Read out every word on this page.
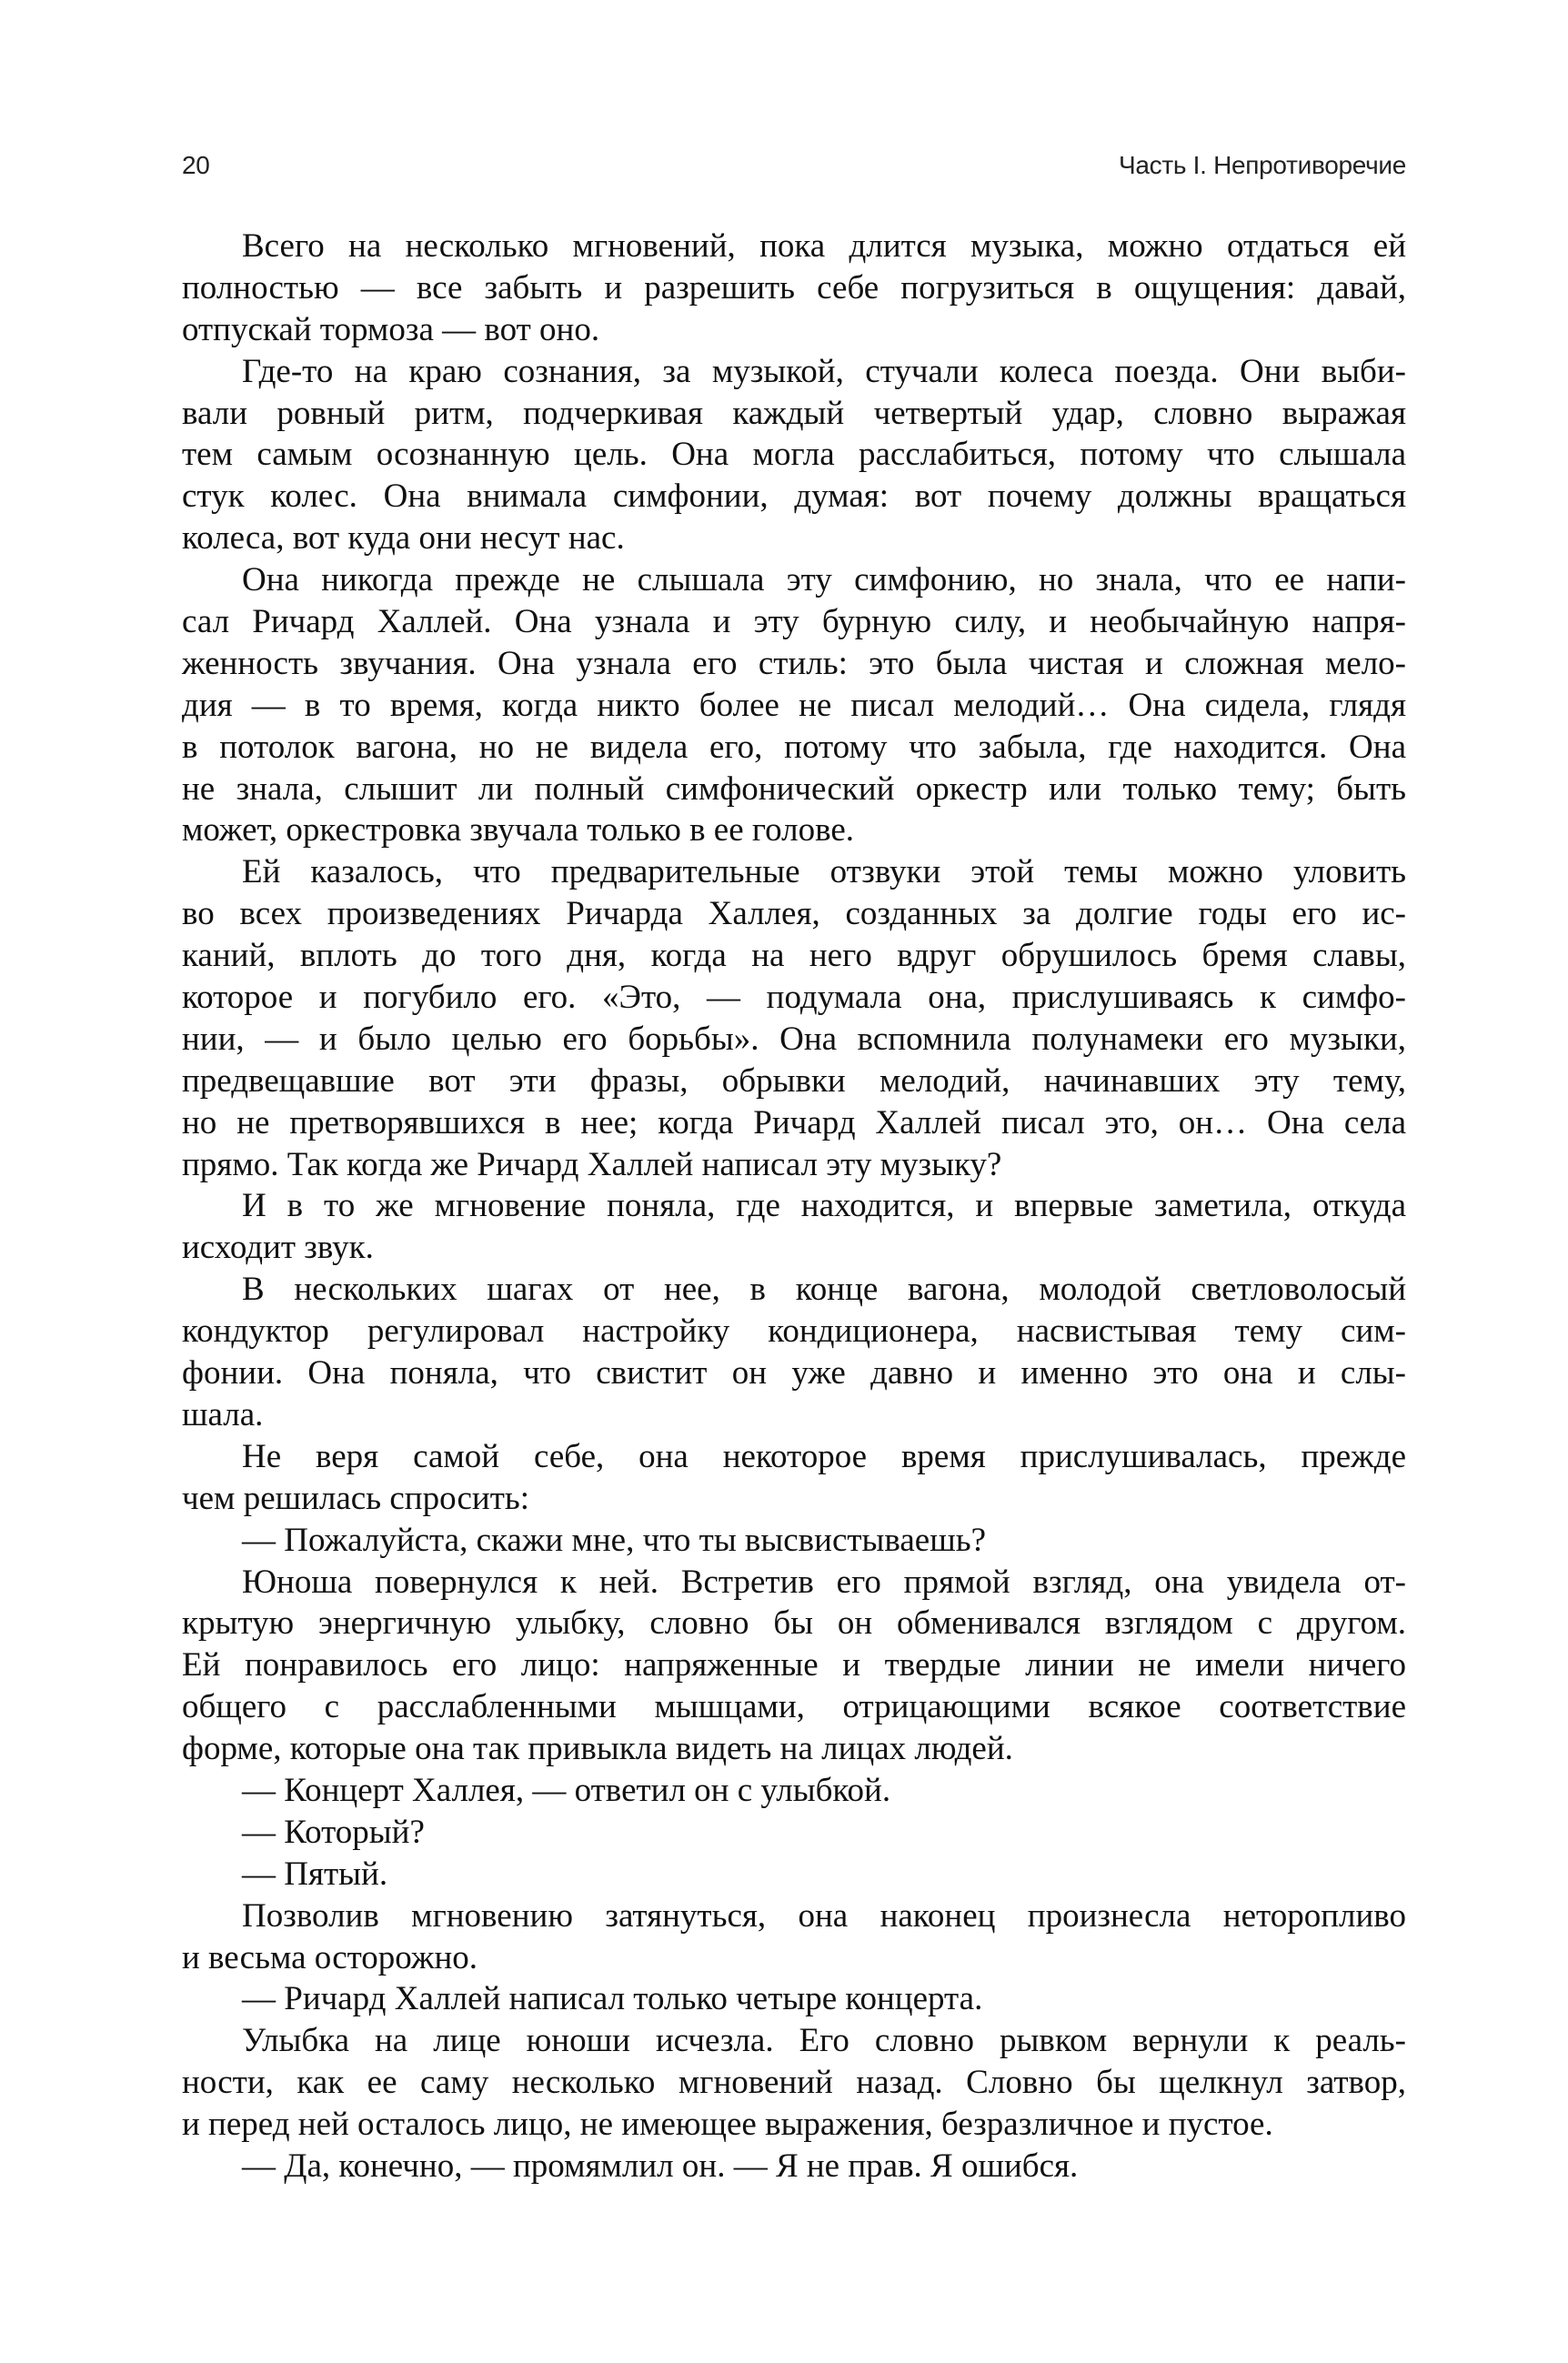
20	Часть I. Непротиворечие
Всего на несколько мгновений, пока длится музыка, можно отдаться ей
полностью — все забыть и разрешить себе погрузиться в ощущения: давай,
отпускай тормоза — вот оно.
Где-то на краю сознания, за музыкой, стучали колеса поезда. Они выби-
вали ровный ритм, подчеркивая каждый четвертый удар, словно выражая
тем самым осознанную цель. Она могла расслабиться, потому что слышала
стук колес. Она внимала симфонии, думая: вот почему должны вращаться
колеса, вот куда они несут нас.
Она никогда прежде не слышала эту симфонию, но знала, что ее напи-
сал Ричард Халлей. Она узнала и эту бурную силу, и необычайную напря-
женность звучания. Она узнала его стиль: это была чистая и сложная мело-
дия — в то время, когда никто более не писал мелодий… Она сидела, глядя
в потолок вагона, но не видела его, потому что забыла, где находится. Она
не знала, слышит ли полный симфонический оркестр или только тему; быть
может, оркестровка звучала только в ее голове.
Ей казалось, что предварительные отзвуки этой темы можно уловить
во всех произведениях Ричарда Халлея, созданных за долгие годы его ис-
каний, вплоть до того дня, когда на него вдруг обрушилось бремя славы,
которое и погубило его. «Это, — подумала она, прислушиваясь к симфо-
нии, — и было целью его борьбы». Она вспомнила полунамеки его музыки,
предвещавшие вот эти фразы, обрывки мелодий, начинавших эту тему,
но не претворявшихся в нее; когда Ричард Халлей писал это, он… Она села
прямо. Так когда же Ричард Халлей написал эту музыку?
И в то же мгновение поняла, где находится, и впервые заметила, откуда
исходит звук.
В нескольких шагах от нее, в конце вагона, молодой светловолосый
кондуктор регулировал настройку кондиционера, насвистывая тему сим-
фонии. Она поняла, что свистит он уже давно и именно это она и слы-
шала.
Не веря самой себе, она некоторое время прислушивалась, прежде
чем решилась спросить:
— Пожалуйста, скажи мне, что ты высвистываешь?
Юноша повернулся к ней. Встретив его прямой взгляд, она увидела от-
крытую энергичную улыбку, словно бы он обменивался взглядом с другом.
Ей понравилось его лицо: напряженные и твердые линии не имели ничего
общего с расслабленными мышцами, отрицающими всякое соответствие
форме, которые она так привыкла видеть на лицах людей.
— Концерт Халлея, — ответил он с улыбкой.
— Который?
— Пятый.
Позволив мгновению затянуться, она наконец произнесла неторопливо
и весьма осторожно.
— Ричард Халлей написал только четыре концерта.
Улыбка на лице юноши исчезла. Его словно рывком вернули к реаль-
ности, как ее саму несколько мгновений назад. Словно бы щелкнул затвор,
и перед ней осталось лицо, не имеющее выражения, безразличное и пустое.
— Да, конечно, — промямлил он. — Я не прав. Я ошибся.
